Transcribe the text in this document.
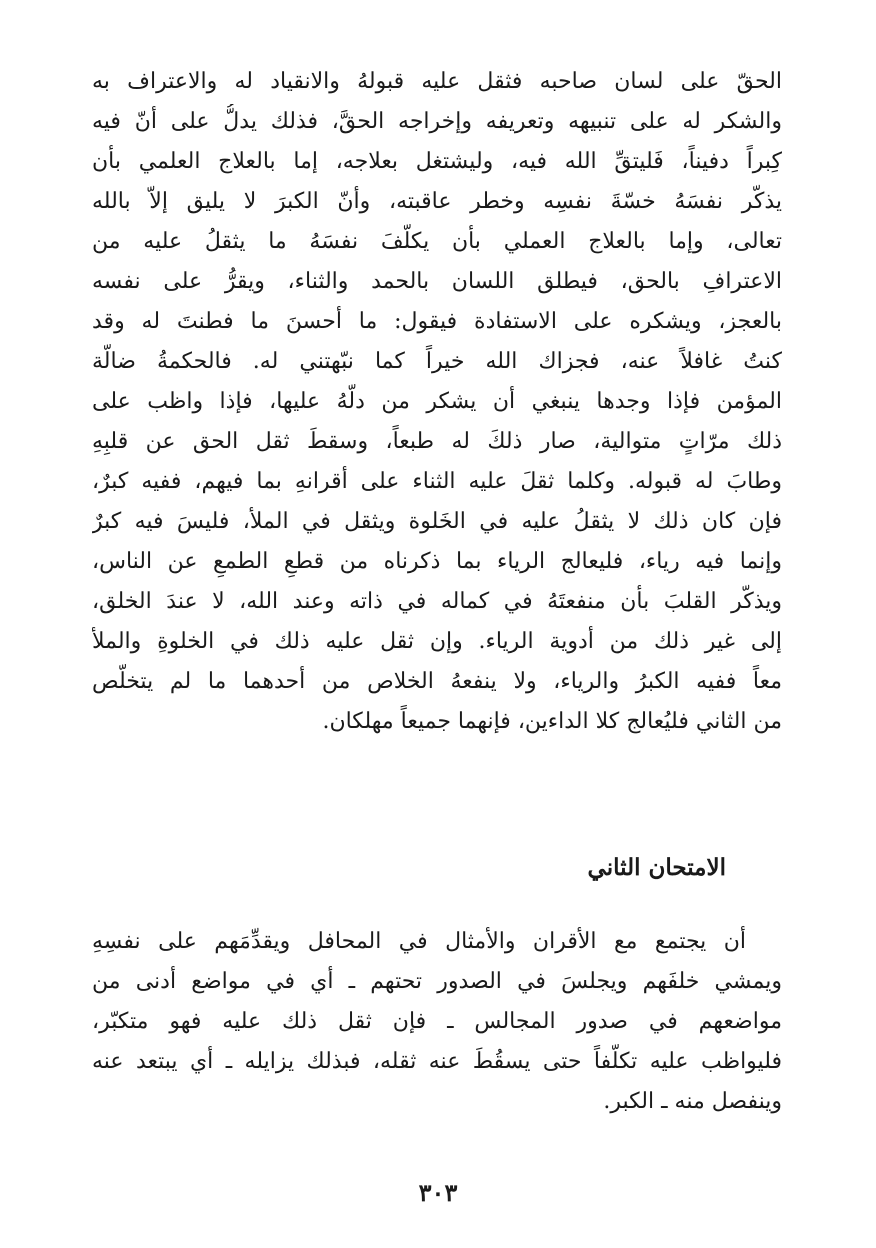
الحقّ على لسان صاحبه فثقل عليه قبولهُ والانقياد له والاعتراف به
والشكر له على تنبيهه وتعريفه وإخراجه الحقَّ، فذلك يدلُّ على أنّ فيه
كِبراً دفيناً، فَليتقِّ الله فيه، وليشتغل بعلاجه، إما بالعلاج العلمي بأن
يذكّر نفسَهُ خسّةَ نفسِه وخطر عاقبته، وأنّ الكبرَ لا يليق إلاّ بالله
تعالى، وإما بالعلاج العملي بأن يكلّفَ نفسَهُ ما يثقلُ عليه من
الاعترافِ بالحق، فيطلق اللسان بالحمد والثناء، ويقرُّ على نفسه
بالعجز، ويشكره على الاستفادة فيقول: ما أحسنَ ما فطنتَ له وقد
كنتُ غافلاً عنه، فجزاك الله خيراً كما نبّهتني له. فالحكمةُ ضالّة
المؤمن فإذا وجدها ينبغي أن يشكر من دلَّهُ عليها، فإذا واظب على
ذلك مرّاتٍ متوالية، صار ذلكَ له طبعاً، وسقطَ ثقل الحق عن قلبِهِ
وطابَ له قبوله. وكلما ثقلَ عليه الثناء على أقرانهِ بما فيهم، ففيه كبرٌ،
فإن كان ذلك لا يثقلُ عليه في الخَلوة ويثقل في الملأ، فليسَ فيه كبرٌ
وإنما فيه رياء، فليعالج الرياء بما ذكرناه من قطعِ الطمعِ عن الناس،
ويذكّر القلبَ بأن منفعتَهُ في كماله في ذاته وعند الله، لا عندَ الخلق،
إلى غير ذلك من أدوية الرياء. وإن ثقل عليه ذلك في الخلوةِ والملأ
معاً ففيه الكبرُ والرياء، ولا ينفعهُ الخلاص من أحدهما ما لم يتخلّص
من الثاني فليُعالج كلا الداءين، فإنهما جميعاً مهلكان.
الامتحان الثاني
أن يجتمع مع الأقران والأمثال في المحافل ويقدِّمَهم على نفسِهِ
ويمشي خلفَهم ويجلسَ في الصدور تحتهم ـ أي في مواضع أدنى من
مواضعهم في صدور المجالس ـ فإن ثقل ذلك عليه فهو متكبّر،
فليواظب عليه تكلّفاً حتى يسقُطَ عنه ثقله، فبذلك يزايله ـ أي يبتعد عنه
وينفصل منه ـ الكبر.
٣٠٣
